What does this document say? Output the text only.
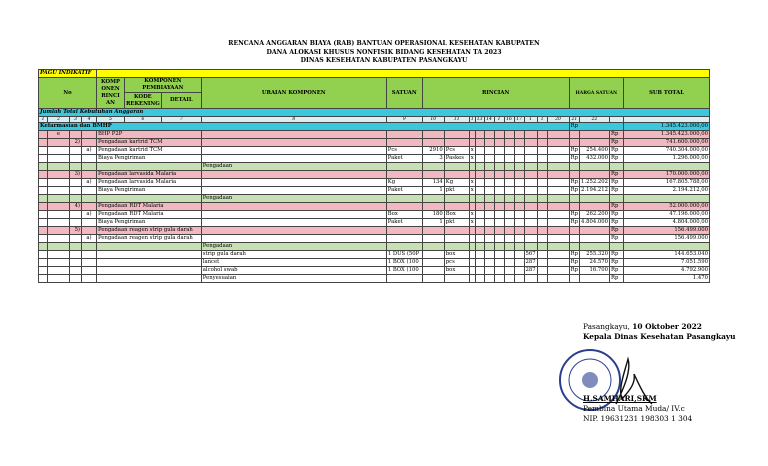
RENCANA ANGGARAN BIAYA (RAB) BANTUAN OPERASIONAL KESEHATAN KABUPATEN
DANA ALOKASI KHUSUS NONFISIK BIDANG KESEHATAN TA 2023
DINAS KESEHATAN KABUPATEN PASANGKAYU
PAGU INDIKATIF																							
No				KOMP ONEN RINCI AN	KOMPONEN PEMBIAYAAN		URAIAN KOMPONEN	SATUAN	RINCIAN											HARGA SATUAN			SUB TOTAL
					KODE REKENING	DETAIL																	

Jumlah Total Kebutuhan Anggaran																							
1	2	3	4	5	6	7	8	9	10	11	1	13	14	1	16	17	1	1	20	21	22		
Kefarmasian dan BMHP																				Rp			1.345.423.000,00
	e			BHP P2P																		Rp	1.345.423.000,00
		2)		Pengadaan kartrid TCM																		Rp	741.600.000,00
			a)	Pengadaan kartrid TCM				Pcs	2910	Pcs	x									Rp	254.400	Rp	740.304.000,00
				Biaya Pengiriman				Paket	3	Paskes	x									Rp	432.000	Rp	1.296.000,00
							Pengadaan																
		3)		Pengadaan larvasida Malaria																		Rp	170.000.000,00
			a)	Pengadaan larvasida Malaria				Kg	134	Kg	x									Rp	1.252.202	Rp	167.805.788,00
				Biaya Pengiriman				Paket	1	pkt	x									Rp	2.194.212	Rp	2.194.212,00
							Pengadaan																
		4)		Pengadaan RDT Malaria																		Rp	52.000.000,00
			a)	Pengadaan RDT Malaria				Box	180	Box	x									Rp	262.200	Rp	47.196.000,00
				Biaya Pengiriman				Paket	1	pkt	x									Rp	4.804.000	Rp	4.804.000,00
		5)		Pengadaan reagen strip gula darah																		Rp	156.499.000
			a)	Pengadaan reagen strip gula darah																		Rp	156.499.000
							Pengadaan																
							strip gula darah	1 DUS (50P		box							567			Rp	255.320	Rp	144.653.040
							lancet	1 BOX (100		pcs							287			Rp	24.570	Rp	7.051.590
							alcohol swab	1 BOX (100		box							287			Rp	16.700	Rp	4.792.900
							Penyesuaian															Rp	1.470
Pasangkayu, 10 Oktober 2022
Kepala Dinas Kesehatan Pasangkayu
H.SAMHARI,SKM
Pembina Utama Muda/ IV.c
NIP. 19631231 198303 1 304
